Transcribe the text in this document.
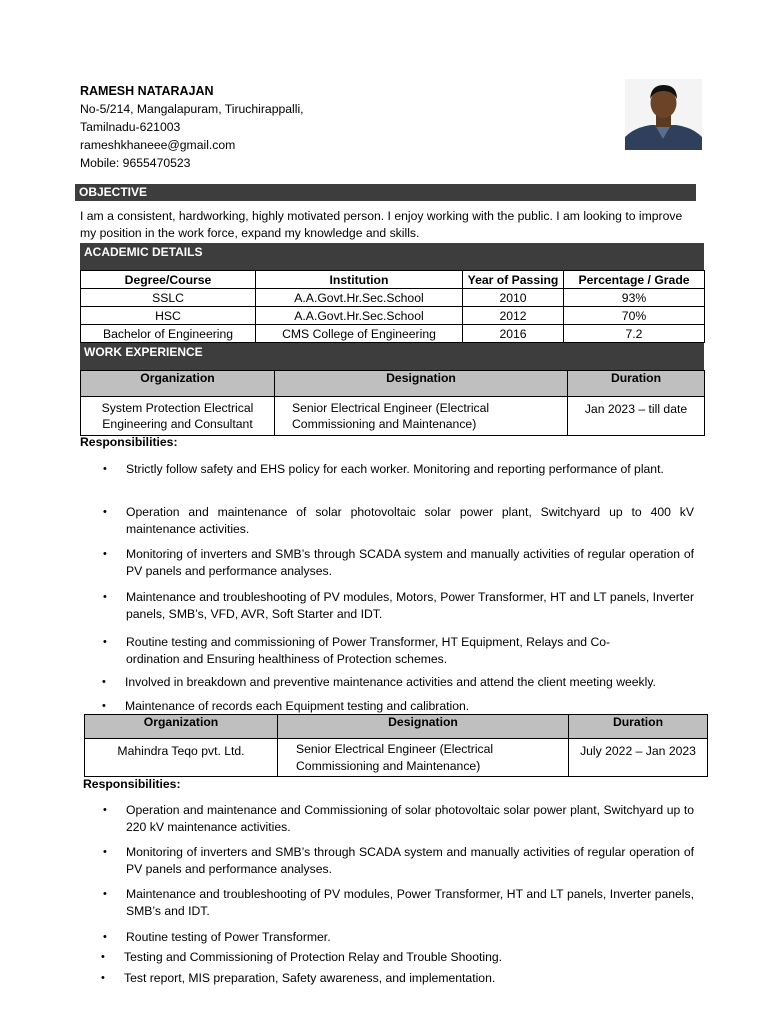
RAMESH NATARAJAN
No-5/214, Mangalapuram, Tiruchirappalli,
Tamilnadu-621003
rameshkhaneee@gmail.com
Mobile: 9655470523
OBJECTIVE
I am a consistent, hardworking, highly motivated person. I enjoy working with the public. I am looking to improve my position in the work force, expand my knowledge and skills.
ACADEMIC DETAILS
Degree/Course	Institution	Year of Passing	Percentage / Grade
SSLC	A.A.Govt.Hr.Sec.School	2010	93%
HSC	A.A.Govt.Hr.Sec.School	2012	70%
Bachelor of Engineering	CMS College of Engineering	2016	7.2
WORK EXPERIENCE
Organization	Designation	Duration
System Protection Electrical Engineering and Consultant	Senior Electrical Engineer (Electrical Commissioning and Maintenance)	Jan 2023 – till date
Responsibilities:
• Strictly follow safety and EHS policy for each worker. Monitoring and reporting performance of plant.
• Operation and maintenance of solar photovoltaic solar power plant, Switchyard up to 400 kV maintenance activities.
• Monitoring of inverters and SMB’s through SCADA system and manually activities of regular operation of PV panels and performance analyses.
• Maintenance and troubleshooting of PV modules, Motors, Power Transformer, HT and LT panels, Inverter panels, SMB’s, VFD, AVR, Soft Starter and IDT.
• Routine testing and commissioning of Power Transformer, HT Equipment, Relays and Co-ordination and Ensuring healthiness of Protection schemes.
• Involved in breakdown and preventive maintenance activities and attend the client meeting weekly.
• Maintenance of records each Equipment testing and calibration.
Organization	Designation	Duration
Mahindra Teqo pvt. Ltd.	Senior Electrical Engineer (Electrical Commissioning and Maintenance)	July 2022 – Jan 2023
Responsibilities:
• Operation and maintenance and Commissioning of solar photovoltaic solar power plant, Switchyard up to 220 kV maintenance activities.
• Monitoring of inverters and SMB’s through SCADA system and manually activities of regular operation of PV panels and performance analyses.
• Maintenance and troubleshooting of PV modules, Power Transformer, HT and LT panels, Inverter panels, SMB’s and IDT.
• Routine testing of Power Transformer.
• Testing and Commissioning of Protection Relay and Trouble Shooting.
• Test report, MIS preparation, Safety awareness, and implementation.
